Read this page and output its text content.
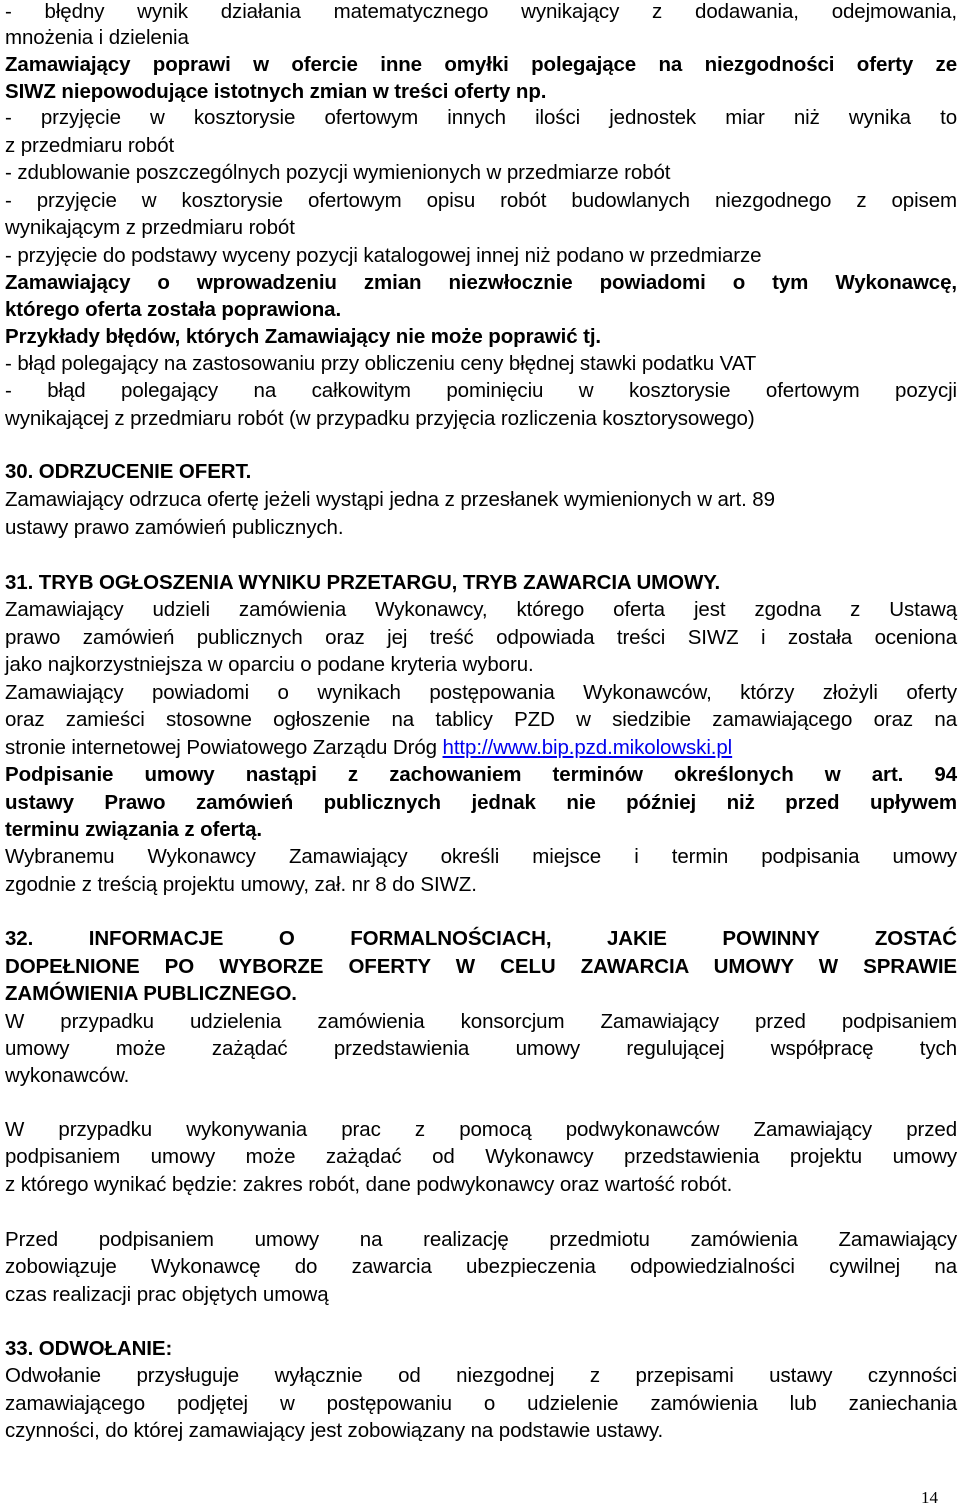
- błędny wynik działania matematycznego wynikający z dodawania, odejmowania,
mnożenia i dzielenia
Zamawiający poprawi w ofercie inne omyłki polegające na niezgodności oferty ze
SIWZ niepowodujące istotnych zmian w treści oferty np.
- przyjęcie w kosztorysie ofertowym innych ilości jednostek miar niż wynika to
z przedmiaru robót
- zdublowanie poszczególnych pozycji wymienionych w przedmiarze robót
- przyjęcie w kosztorysie ofertowym opisu robót budowlanych niezgodnego z opisem
wynikającym z przedmiaru robót
- przyjęcie do podstawy wyceny pozycji katalogowej innej niż podano w przedmiarze
Zamawiający o wprowadzeniu zmian niezwłocznie powiadomi o tym Wykonawcę,
którego oferta została poprawiona.
Przykłady błędów, których Zamawiający nie może poprawić tj.
- błąd polegający na zastosowaniu przy obliczeniu ceny błędnej stawki podatku VAT
- błąd polegający na całkowitym pominięciu w kosztorysie ofertowym pozycji
wynikającej z przedmiaru robót (w przypadku przyjęcia rozliczenia kosztorysowego)
30. ODRZUCENIE OFERT.
Zamawiający odrzuca ofertę jeżeli wystąpi jedna z przesłanek wymienionych w art. 89
ustawy prawo zamówień publicznych.
31. TRYB OGŁOSZENIA WYNIKU PRZETARGU, TRYB ZAWARCIA UMOWY.
Zamawiający udzieli zamówienia Wykonawcy, którego oferta jest zgodna z Ustawą
prawo zamówień publicznych oraz jej treść odpowiada treści SIWZ i została oceniona
jako najkorzystniejsza w oparciu o podane kryteria wyboru.
Zamawiający powiadomi o wynikach postępowania Wykonawców, którzy złożyli oferty
oraz zamieści stosowne ogłoszenie na tablicy PZD w siedzibie zamawiającego oraz na
stronie internetowej Powiatowego Zarządu Dróg http://www.bip.pzd.mikolowski.pl
Podpisanie umowy nastąpi z zachowaniem terminów określonych w art. 94
ustawy Prawo zamówień publicznych jednak nie później niż przed upływem
terminu związania z ofertą.
Wybranemu Wykonawcy Zamawiający określi miejsce i termin podpisania umowy
zgodnie z treścią projektu umowy, zał. nr 8 do SIWZ.
32. INFORMACJE O FORMALNOŚCIACH, JAKIE POWINNY ZOSTAĆ
DOPEŁNIONE PO WYBORZE OFERTY W CELU ZAWARCIA UMOWY W SPRAWIE
ZAMÓWIENIA PUBLICZNEGO.
W przypadku udzielenia zamówienia konsorcjum Zamawiający przed podpisaniem
umowy może zażądać przedstawienia umowy regulującej współpracę tych
wykonawców.
W przypadku wykonywania prac z pomocą podwykonawców Zamawiający przed
podpisaniem umowy może zażądać od Wykonawcy przedstawienia projektu umowy
z którego wynikać będzie: zakres robót, dane podwykonawcy oraz wartość robót.
Przed podpisaniem umowy na realizację przedmiotu zamówienia Zamawiający
zobowiązuje Wykonawcę do zawarcia ubezpieczenia odpowiedzialności cywilnej na
czas realizacji prac objętych umową
33. ODWOŁANIE:
Odwołanie przysługuje wyłącznie od niezgodnej z przepisami ustawy czynności
zamawiającego podjętej w postępowaniu o udzielenie zamówienia lub zaniechania
czynności, do której zamawiający jest zobowiązany na podstawie ustawy.
14
